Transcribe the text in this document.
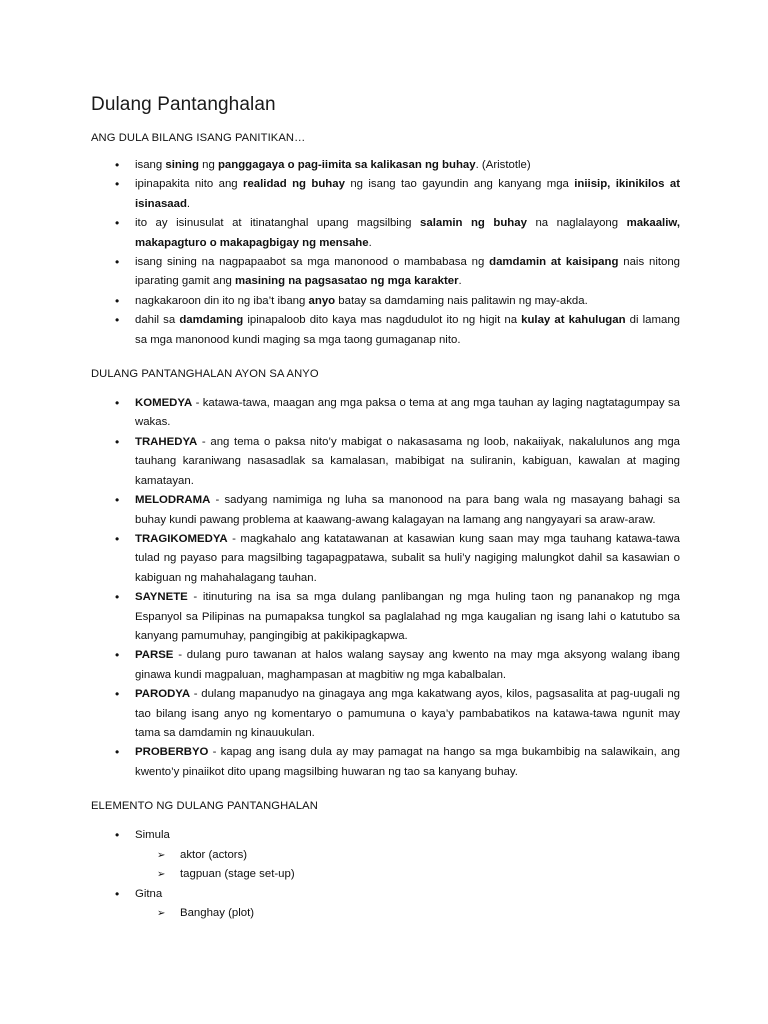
Dulang Pantanghalan
ANG DULA BILANG ISANG PANITIKAN…
• isang sining ng panggagaya o pag-iimita sa kalikasan ng buhay. (Aristotle)
• ipinapakita nito ang realidad ng buhay ng isang tao gayundin ang kanyang mga iniisip, ikinikilos at isinasaad.
• ito ay isinusulat at itinatanghal upang magsilbing salamin ng buhay na naglalayong makaaliw, makapagturo o makapagbigay ng mensahe.
• isang sining na nagpapaabot sa mga manonood o mambabasa ng damdamin at kaisipang nais nitong iparating gamit ang masining na pagsasatao ng mga karakter.
• nagkakaroon din ito ng iba’t ibang anyo batay sa damdaming nais palitawin ng may-akda.
• dahil sa damdaming ipinapaloob dito kaya mas nagdudulot ito ng higit na kulay at kahulugan di lamang sa mga manonood kundi maging sa mga taong gumaganap nito.
DULANG PANTANGHALAN AYON SA ANYO
• KOMEDYA - katawa-tawa, maagan ang mga paksa o tema at ang mga tauhan ay laging nagtatagumpay sa wakas.
• TRAHEDYA - ang tema o paksa nito’y mabigat o nakasasama ng loob, nakaiiyak, nakalulunos ang mga tauhang karaniwang nasasadlak sa kamalasan, mabibigat na suliranin, kabiguan, kawalan at maging kamatayan.
• MELODRAMA - sadyang namimiga ng luha sa manonood na para bang wala ng masayang bahagi sa buhay kundi pawang problema at kaawang-awang kalagayan na lamang ang nangyayari sa araw-araw.
• TRAGIKOMEDYA - magkahalo ang katatawanan at kasawian kung saan may mga tauhang katawa-tawa tulad ng payaso para magsilbing tagapagpatawa, subalit sa huli’y nagiging malungkot dahil sa kasawian o kabiguan ng mahahalagang tauhan.
• SAYNETE - itinuturing na isa sa mga dulang panlibangan ng mga huling taon ng pananakop ng mga Espanyol sa Pilipinas na pumapaksa tungkol sa paglalahad ng mga kaugalian ng isang lahi o katutubo sa kanyang pamumuhay, pangingibig at pakikipagkapwa.
• PARSE - dulang puro tawanan at halos walang saysay ang kwento na may mga aksyong walang ibang ginawa kundi magpaluan, maghampasan at magbitiw ng mga kabalbalan.
• PARODYA - dulang mapanudyo na ginagaya ang mga kakatwang ayos, kilos, pagsasalita at pag-uugali ng tao bilang isang anyo ng komentaryo o pamumuna o kaya’y pambabatikos na katawa-tawa ngunit may tama sa damdamin ng kinauukulan.
• PROBERBYO - kapag ang isang dula ay may pamagat na hango sa mga bukambibig na salawikain, ang kwento’y pinaiikot dito upang magsilbing huwaran ng tao sa kanyang buhay.
ELEMENTO NG DULANG PANTANGHALAN
• Simula
➢ aktor (actors)
➢ tagpuan (stage set-up)
• Gitna
➢ Banghay (plot)
